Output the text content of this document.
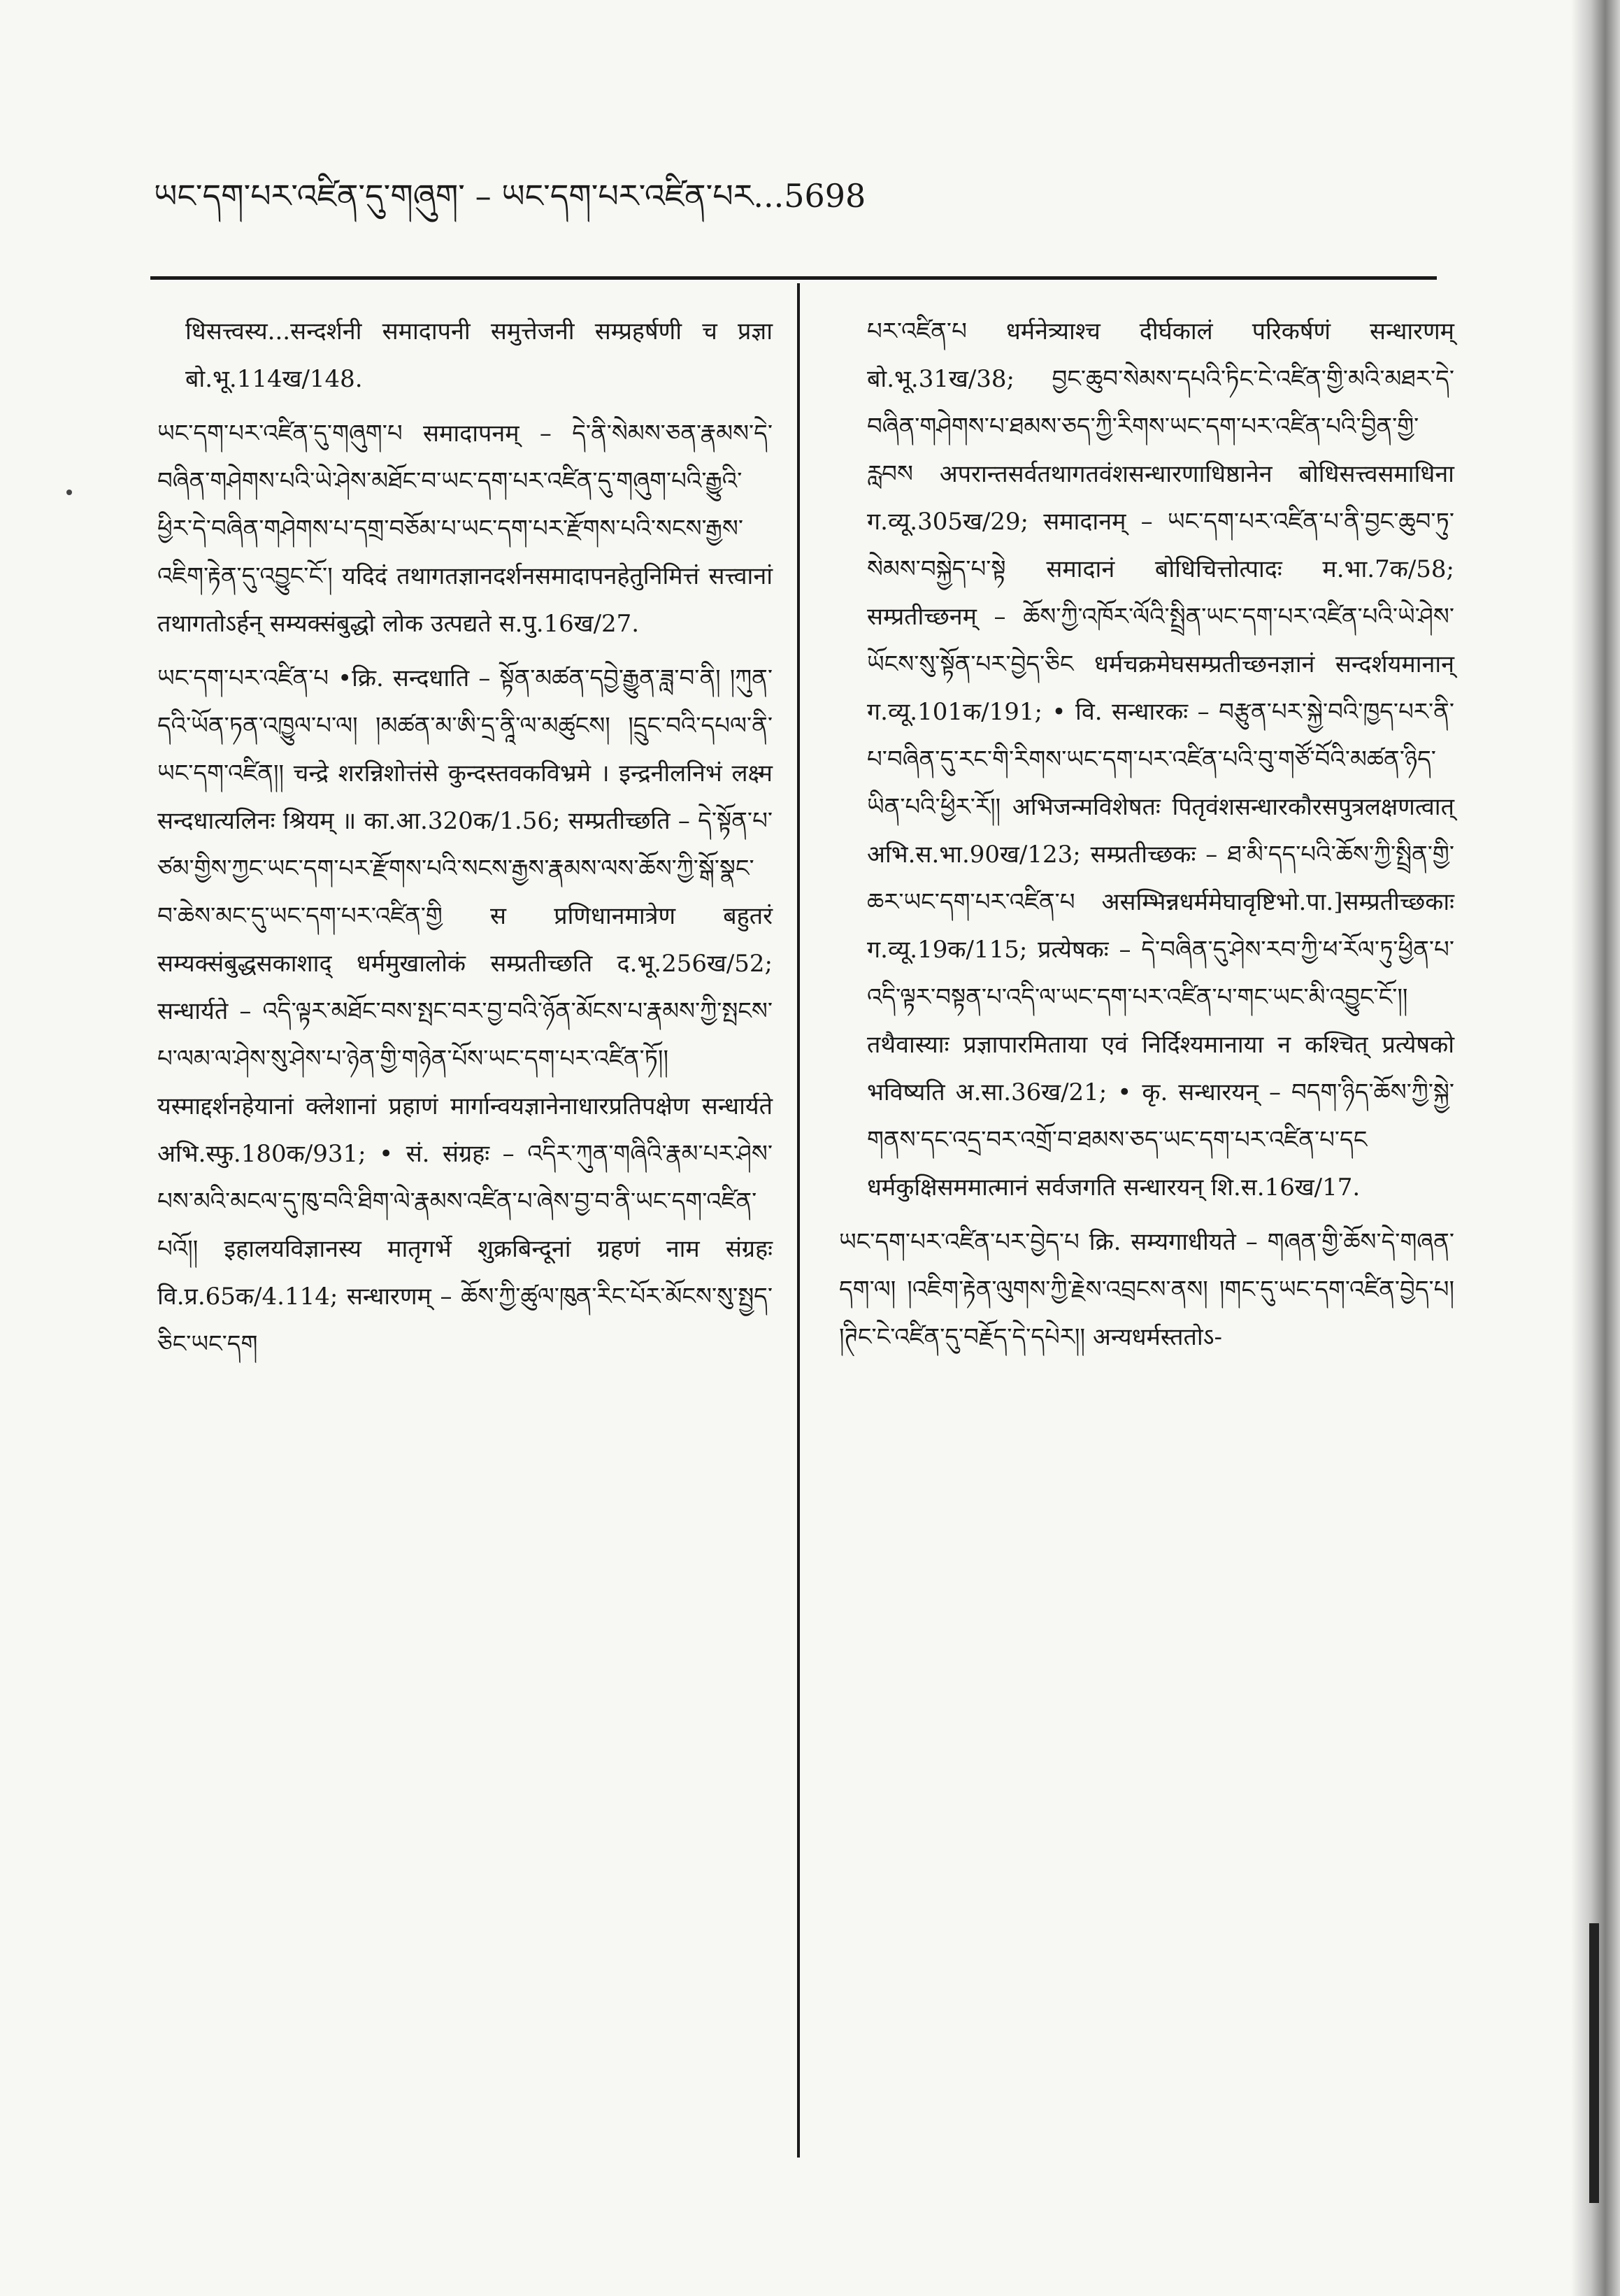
ཡང་དག་པར་འཛིན་དུ་གཞུག་ – ཡང་དག་པར་འཛིན་པར...5698

धिसत्त्वस्य...सन्दर्शनी समादापनी समुत्तेजनी सम्प्रहर्षणी च प्रज्ञा बो.भू.114ख/148.

ཡང་དག་པར་འཛིན་དུ་གཞུག་པ समादापनम् – དེ་ནི་སེམས་ཅན་རྣམས་དེ་བཞིན་གཤེགས་པའི་ཡེ་ཤེས་མཐོང་བ་ཡང་དག་པར་འཛིན་དུ་གཞུག་པའི་རྒྱུའི་ཕྱིར་དེ་བཞིན་གཤེགས་པ་དགྲ་བཅོམ་པ་ཡང་དག་པར་རྫོགས་པའི་སངས་རྒྱས་འཇིག་རྟེན་དུ་འབྱུང་ངོ༌། यदिदं तथागतज्ञानदर्शनसमादापनहेतुनिमित्तं सत्त्वानां तथागतोऽर्हन् सम्यक्संबुद्धो लोक उत्पद्यते स.पु.16ख/27.

ཡང་དག་པར་འཛིན་པ •क्रि. सन्दधाति – སྟོན་མཚན་དབྱེ་རྒྱུན་ཟླ་བ་ནི། །ཀུན་དའི་ཡོན་ཏན་འཁྱུལ་པ་ལ། །མཚན་མ་ཨི་དྲ་ནཱི་ལ་མཚུངས། །དྲུང་བའི་དཔལ་ནི་ཡང་དག་འཛིན།། चन्द्रे शरन्निशोत्तंसे कुन्दस्तवकविभ्रमे । इन्द्रनीलनिभं लक्ष्म सन्दधात्यलिनः श्रियम् ॥ का.आ.320क/1.56; सम्प्रतीच्छति – དེ་སྟོན་པ་ཙམ་གྱིས་ཀྱང་ཡང་དག་པར་རྫོགས་པའི་སངས་རྒྱས་རྣམས་ལས་ཆོས་ཀྱི་སྒོ་སྣང་བ་ཆེས་མང་དུ་ཡང་དག་པར་འཛིན་གྱི स प्रणिधानमात्रेण बहुतरं सम्यक्संबुद्धसकाशाद् धर्ममुखालोकं सम्प्रतीच्छति द.भू.256ख/52; सन्धार्यते – འདི་ལྟར་མཐོང་བས་སྤང་བར་བྱ་བའི་ཉོན་མོངས་པ་རྣམས་ཀྱི་སྤངས་པ་ལམ་ལ་ཤེས་སུ་ཤེས་པ་ཉེན་གྱི་གཉེན་པོས་ཡང་དག་པར་འཛིན་ཏོ།། यस्माद्दर्शनहेयानां क्लेशानां प्रहाणं मार्गान्वयज्ञानेनाधारप्रतिपक्षेण सन्धार्यते अभि.स्फु.180क/931; • सं. संग्रहः – འདིར་ཀུན་གཞིའི་རྣམ་པར་ཤེས་པས་མའི་མངལ་དུ་ཁུ་བའི་ཐིག་ལེ་རྣམས་འཛིན་པ་ཞེས་བྱ་བ་ནི་ཡང་དག་འཛིན་པའོ།། इहालयविज्ञानस्य मातृगर्भे शुक्रबिन्दूनां ग्रहणं नाम संग्रहः वि.प्र.65क/4.114; सन्धारणम् – ཆོས་ཀྱི་ཚུལ་ཁུན་རིང་པོར་མོངས་སུ་སྤྱད་ཅིང་ཡང་དག

པར་འཛིན་པ धर्मनेत्र्याश्च दीर्घकालं परिकर्षणं सन्धारणम् बो.भू.31ख/38; བྱང་ཆུབ་སེམས་དཔའི་ཏིང་ངེ་འཛིན་གྱི་མའི་མཐར་དེ་བཞིན་གཤེགས་པ་ཐམས་ཅད་ཀྱི་རིགས་ཡང་དག་པར་འཛིན་པའི་བྱིན་གྱི་རླབས अपरान्तसर्वतथागतवंशसन्धारणाधिष्ठानेन बोधिसत्त्वसमाधिना ग.व्यू.305ख/29; समादानम् – ཡང་དག་པར་འཛིན་པ་ནི་བྱང་ཆུབ་ཏུ་སེམས་བསྐྱེད་པ་སྟེ समादानं बोधिचित्तोत्पादः म.भा.7क/58; सम्प्रतीच्छनम् – ཆོས་ཀྱི་འཁོར་ལོའི་སྤྲིན་ཡང་དག་པར་འཛིན་པའི་ཡེ་ཤེས་ཡོངས་སུ་སྟོན་པར་བྱེད་ཅིང धर्मचक्रमेघसम्प्रतीच्छनज्ञानं सन्दर्शयमानान् ग.व्यू.101क/191; • वि. सन्धारकः – བརྩུན་པར་སྐྱེ་བའི་ཁྱད་པར་ནི་པ་བཞིན་དུ་རང་གི་རིགས་ཡང་དག་པར་འཛིན་པའི་བུ་གཙོ་བོའི་མཚན་ཉིད་ཡིན་པའི་ཕྱིར་རོ།། अभिजन्मविशेषतः पितृवंशसन्धारकौरसपुत्रलक्षणत्वात् अभि.स.भा.90ख/123; सम्प्रतीच्छकः – ཐ་མི་དད་པའི་ཆོས་ཀྱི་སྤྲིན་གྱི་ཆར་ཡང་དག་པར་འཛིན་པ असम्भिन्नधर्ममेघावृष्टिभो.पा.]सम्प्रतीच्छकाः ग.व्यू.19क/115; प्रत्येषकः – དེ་བཞིན་དུ་ཤེས་རབ་ཀྱི་ཕ་རོལ་ཏུ་ཕྱིན་པ་འདི་ལྟར་བསྟན་པ་འདི་ལ་ཡང་དག་པར་འཛིན་པ་གང་ཡང་མི་འབྱུང་ངོ༌།། तथैवास्याः प्रज्ञापारमिताया एवं निर्दिश्यमानाया न कश्चित् प्रत्येषको भविष्यति अ.सा.36ख/21; • कृ. सन्धारयन् – བདག་ཉིད་ཆོས་ཀྱི་སྐྱེ་གནས་དང་འདྲ་བར་འགྲོ་བ་ཐམས་ཅད་ཡང་དག་པར་འཛིན་པ་དང धर्मकुक्षिसममात्मानं सर्वजगति सन्धारयन् शि.स.16ख/17.

ཡང་དག་པར་འཛིན་པར་བྱེད་པ क्रि. सम्यगाधीयते – གཞན་གྱི་ཆོས་དེ་གཞན་དག་ལ། །འཇིག་རྟེན་ལུགས་ཀྱི་རྗེས་འབྲངས་ནས། །གང་དུ་ཡང་དག་འཛིན་བྱེད་པ། །ཊིང་ངེ་འཛིན་དུ་བརྗོད་དེ་དཔེར།། अन्यधर्मस्ततोऽ-
